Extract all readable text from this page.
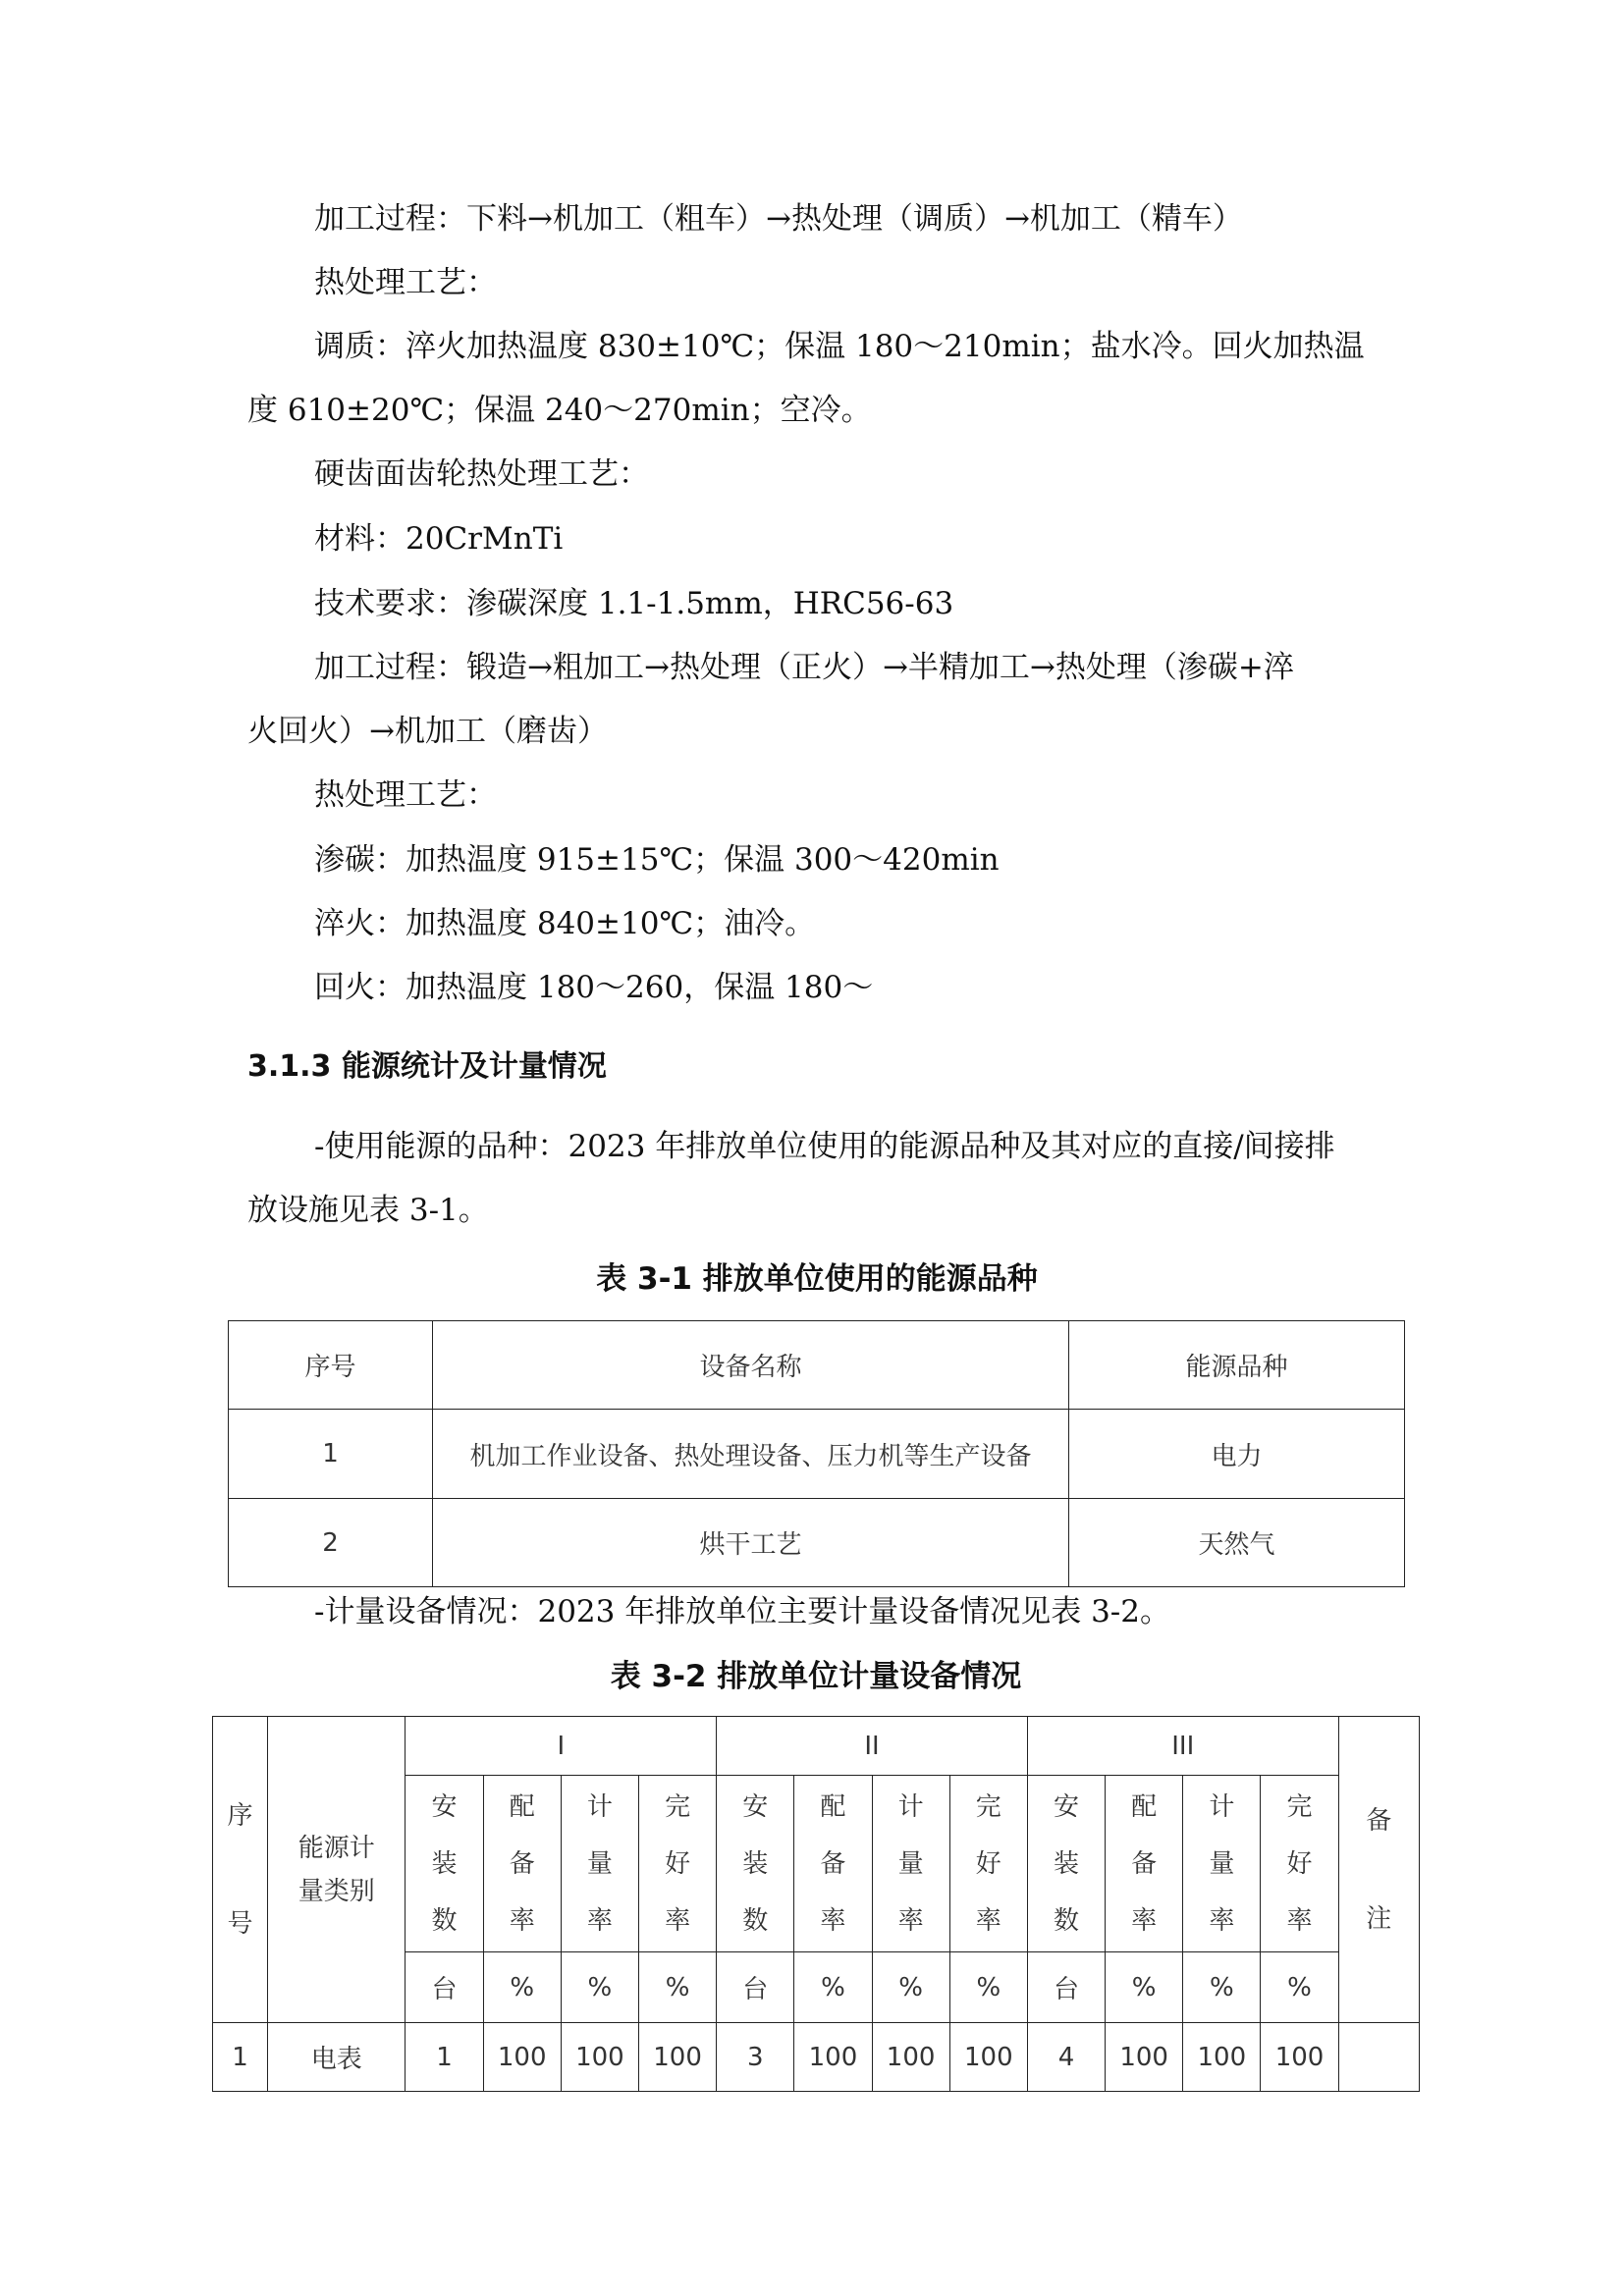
加工过程：下料→机加工（粗车）→热处理（调质）→机加工（精车）
热处理工艺：
调质：淬火加热温度 830±10℃；保温 180～210min；盐水冷。回火加热温
度 610±20℃；保温 240～270min；空冷。
硬齿面齿轮热处理工艺：
材料：20CrMnTi
技术要求：渗碳深度 1.1-1.5mm，HRC56-63
加工过程：锻造→粗加工→热处理（正火）→半精加工→热处理（渗碳+淬
火回火）→机加工（磨齿）
热处理工艺：
渗碳：加热温度 915±15℃；保温 300～420min
淬火：加热温度 840±10℃；油冷。
回火：加热温度 180～260，保温 180～
3.1.3 能源统计及计量情况
-使用能源的品种：2023 年排放单位使用的能源品种及其对应的直接/间接排
放设施见表 3-1。
表 3-1 排放单位使用的能源品种
序号	设备名称	能源品种
1	机加工作业设备、热处理设备、压力机等生产设备	电力
2	烘干工艺	天然气
-计量设备情况：2023 年排放单位主要计量设备情况见表 3-2。
表 3-2 排放单位计量设备情况
序号	能源计量类别	I				II				III				备注

		安装数	配备率	计量率	完好率	安装数	配备率	计量率	完好率	安装数	配备率	计量率	完好率	

		台	%	%	%	台	%	%	%	台	%	%	%	
1	电表	1	100	100	100	3	100	100	100	4	100	100	100	
